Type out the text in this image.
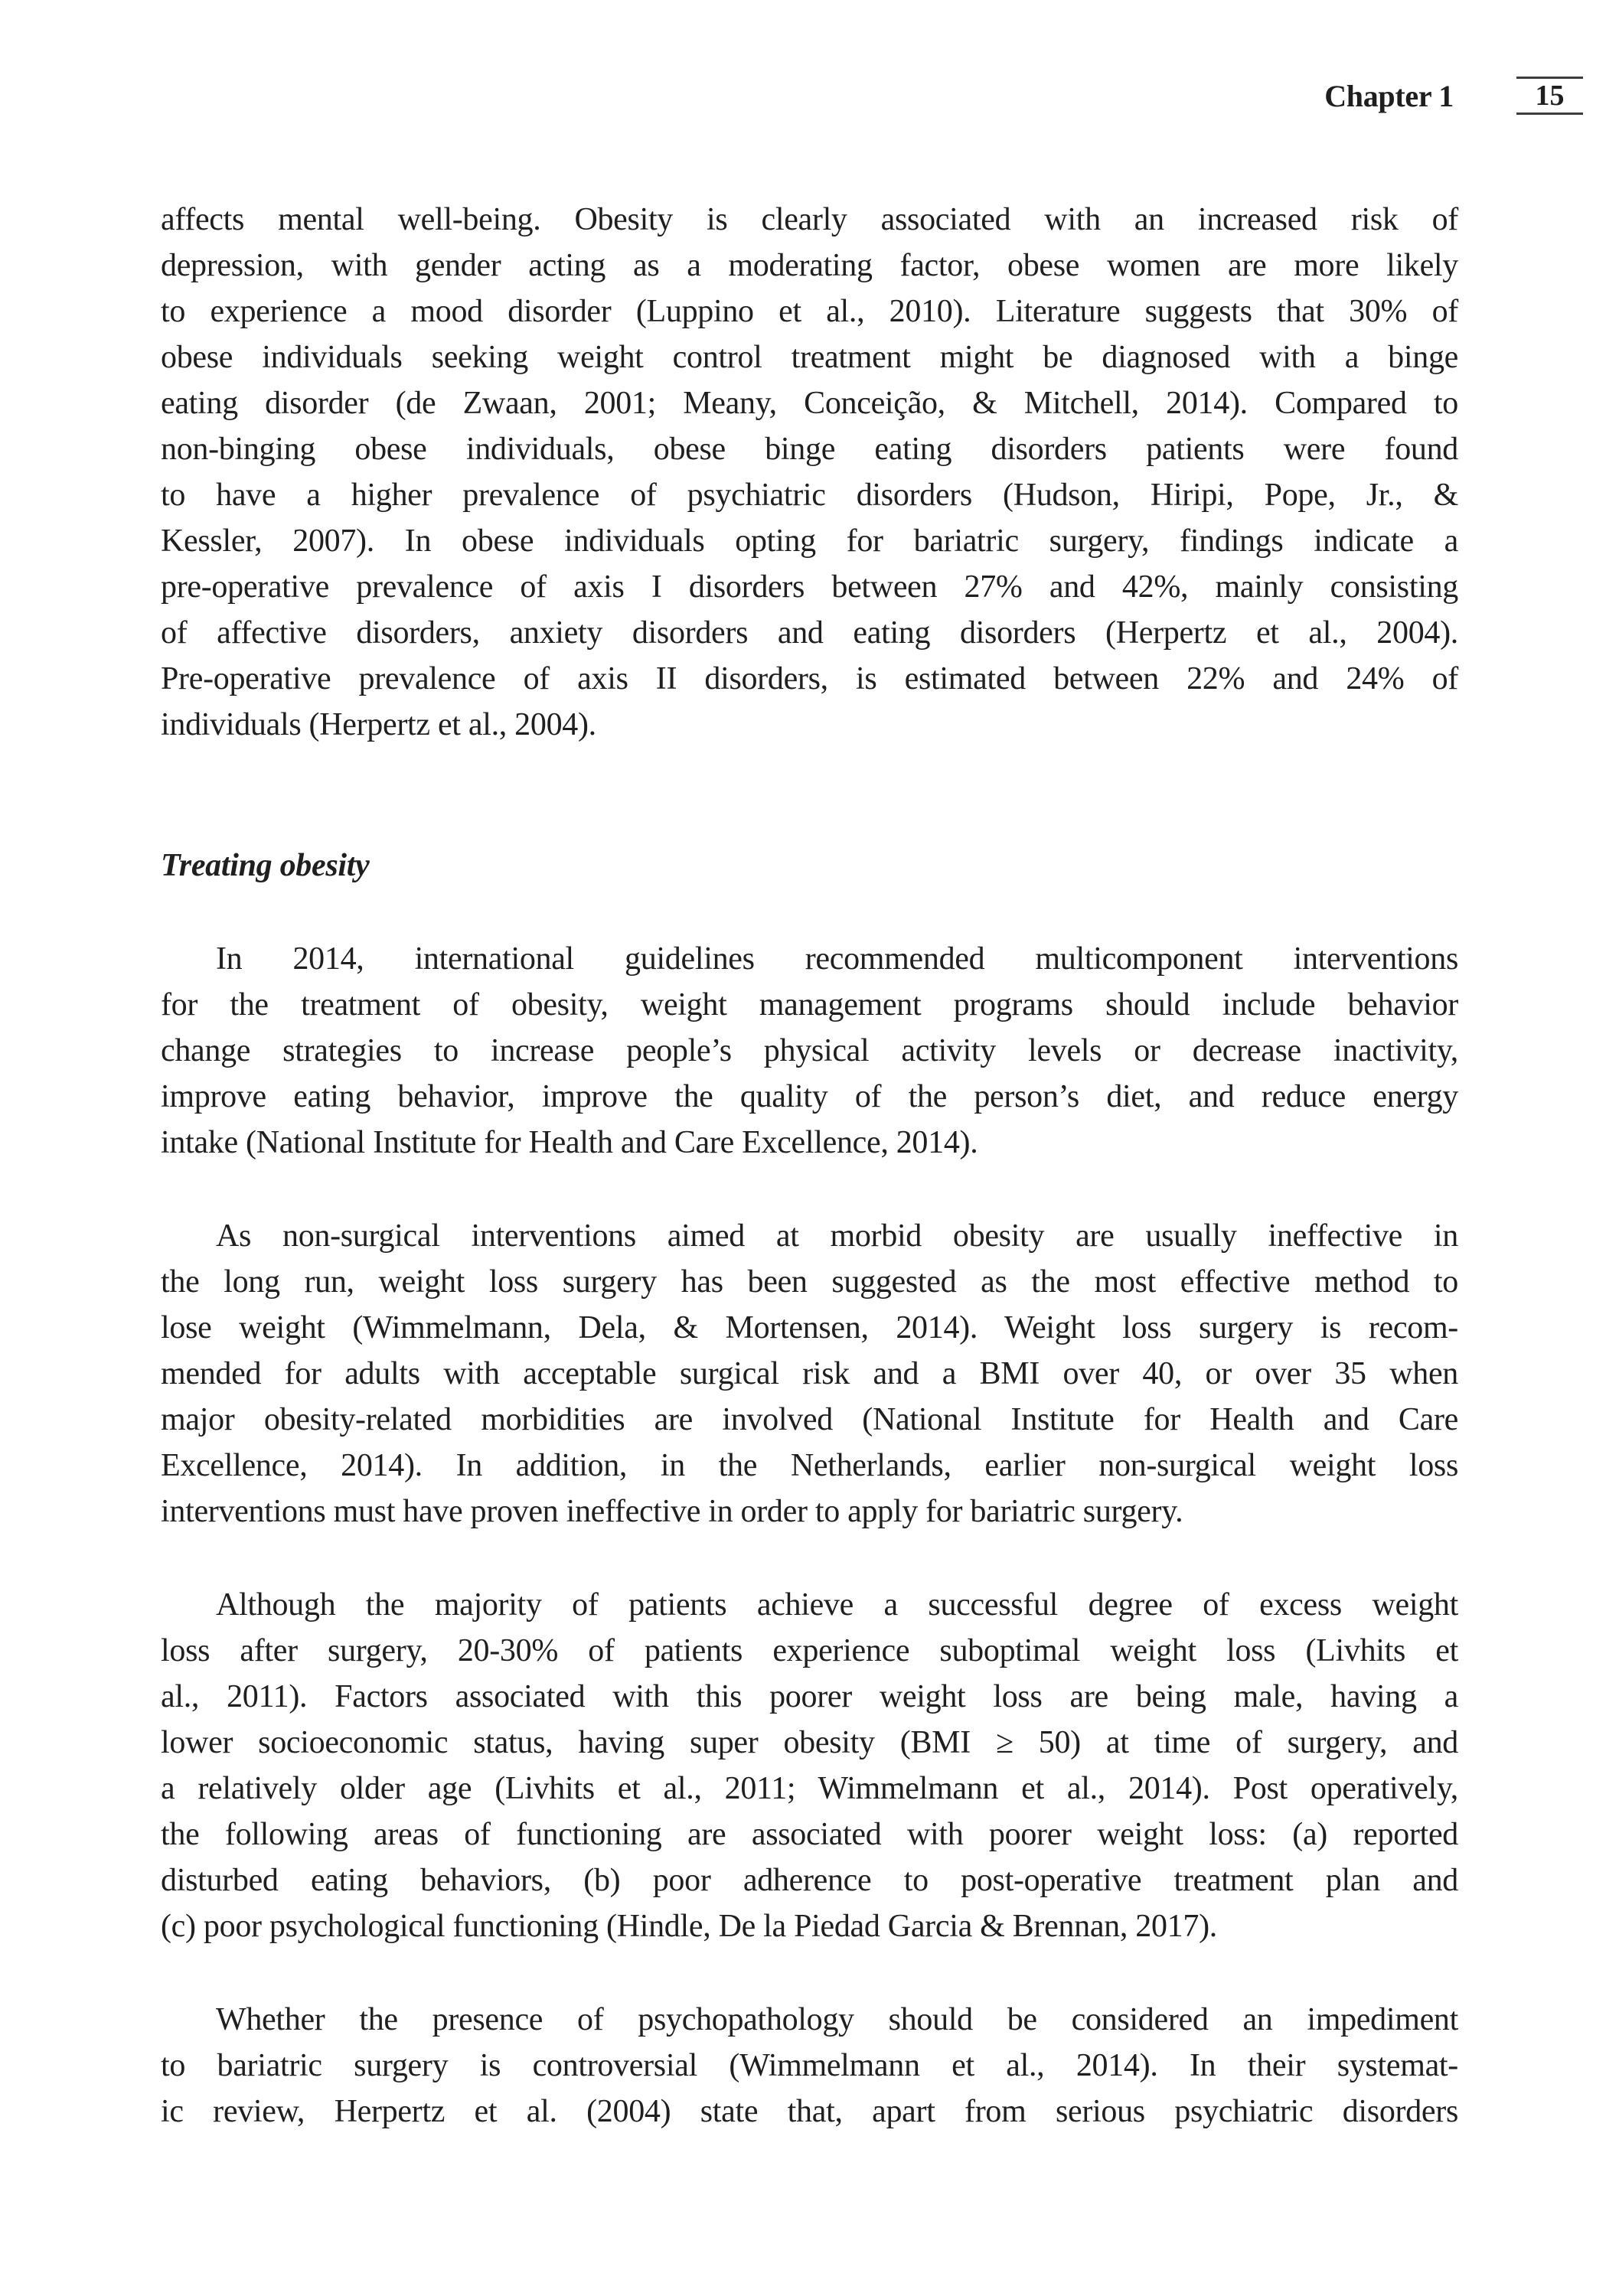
Chapter 1	15
affects mental well-being. Obesity is clearly associated with an increased risk of
depression, with gender acting as a moderating factor, obese women are more likely
to experience a mood disorder (Luppino et al., 2010). Literature suggests that 30% of
obese individuals seeking weight control treatment might be diagnosed with a binge
eating disorder (de Zwaan, 2001; Meany, Conceição, & Mitchell, 2014). Compared to
non-binging obese individuals, obese binge eating disorders patients were found
to have a higher prevalence of psychiatric disorders (Hudson, Hiripi, Pope, Jr., &
Kessler, 2007). In obese individuals opting for bariatric surgery, findings indicate a
pre-operative prevalence of axis I disorders between 27% and 42%, mainly consisting
of affective disorders, anxiety disorders and eating disorders (Herpertz et al., 2004).
Pre-operative prevalence of axis II disorders, is estimated between 22% and 24% of
individuals (Herpertz et al., 2004).
Treating obesity
In 2014, international guidelines recommended multicomponent interventions
for the treatment of obesity, weight management programs should include behavior
change strategies to increase people’s physical activity levels or decrease inactivity,
improve eating behavior, improve the quality of the person’s diet, and reduce energy
intake (National Institute for Health and Care Excellence, 2014).
As non-surgical interventions aimed at morbid obesity are usually ineffective in
the long run, weight loss surgery has been suggested as the most effective method to
lose weight (Wimmelmann, Dela, & Mortensen, 2014). Weight loss surgery is recom-
mended for adults with acceptable surgical risk and a BMI over 40, or over 35 when
major obesity-related morbidities are involved (National Institute for Health and Care
Excellence, 2014). In addition, in the Netherlands, earlier non-surgical weight loss
interventions must have proven ineffective in order to apply for bariatric surgery.
Although the majority of patients achieve a successful degree of excess weight
loss after surgery, 20-30% of patients experience suboptimal weight loss (Livhits et
al., 2011). Factors associated with this poorer weight loss are being male, having a
lower socioeconomic status, having super obesity (BMI ≥ 50) at time of surgery, and
a relatively older age (Livhits et al., 2011; Wimmelmann et al., 2014). Post operatively,
the following areas of functioning are associated with poorer weight loss: (a) reported
disturbed eating behaviors, (b) poor adherence to post-operative treatment plan and
(c) poor psychological functioning (Hindle, De la Piedad Garcia & Brennan, 2017).
Whether the presence of psychopathology should be considered an impediment
to bariatric surgery is controversial (Wimmelmann et al., 2014). In their systemat-
ic review, Herpertz et al. (2004) state that, apart from serious psychiatric disorders
